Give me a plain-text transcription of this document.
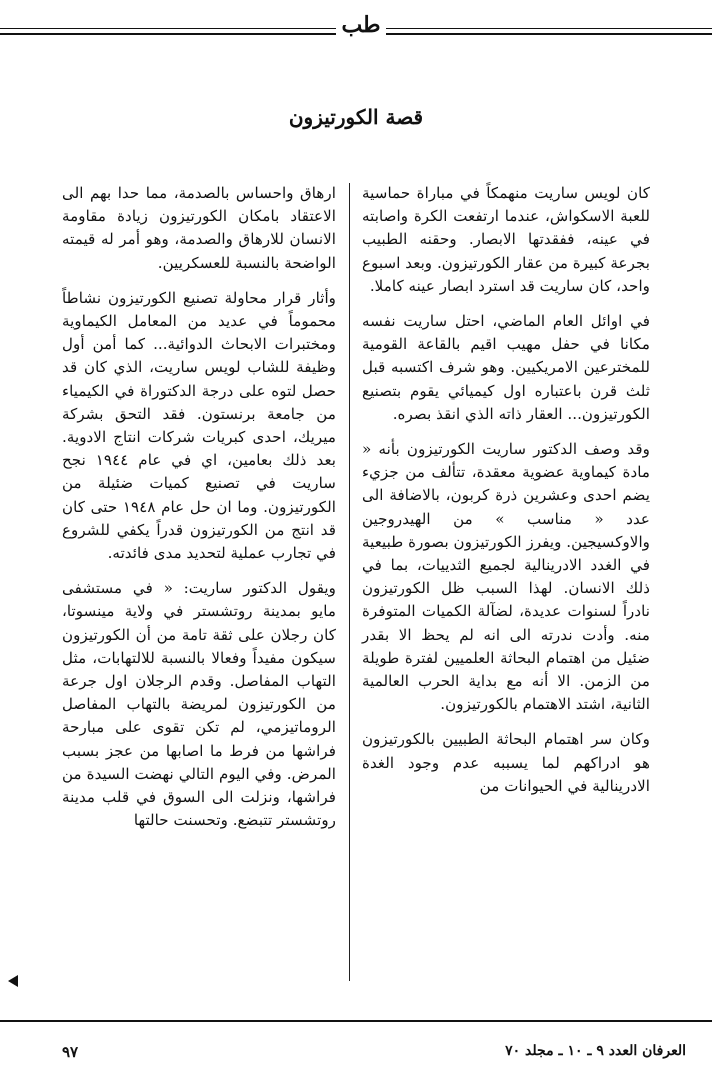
طب
قصة الكورتيزون

كان لويس ساريت منهمكاً في مباراة حماسية للعبة الاسكواش، عندما ارتفعت الكرة واصابته في عينه، ففقدتها الابصار. وحقنه الطبيب بجرعة كبيرة من عقار الكورتيزون. وبعد اسبوع واحد، كان ساريت قد استرد ابصار عينه كاملا.

في اوائل العام الماضي، احتل ساريت نفسه مكانا في حفل مهيب اقيم بالقاعة القومية للمخترعين الامريكيين. وهو شرف اكتسبه قبل ثلث قرن باعتباره اول كيميائي يقوم بتصنيع الكورتيزون... العقار ذاته الذي انقذ بصره.

وقد وصف الدكتور ساريت الكورتيزون بأنه « مادة كيماوية عضوية معقدة، تتألف من جزيء يضم احدى وعشرين ذرة كربون، بالاضافة الى عدد « مناسب » من الهيدروجين والاوكسيجين. ويفرز الكورتيزون بصورة طبيعية في الغدد الادرينالية لجميع الثدييات، بما في ذلك الانسان. لهذا السبب ظل الكورتيزون نادراً لسنوات عديدة، لضآلة الكميات المتوفرة منه. وأدت ندرته الى انه لم يحظ الا بقدر ضئيل من اهتمام البحاثة العلميين لفترة طويلة من الزمن. الا أنه مع بداية الحرب العالمية الثانية، اشتد الاهتمام بالكورتيزون.

وكان سر اهتمام البحاثة الطبيين بالكورتيزون هو ادراكهم لما يسببه عدم وجود الغدة الادرينالية في الحيوانات من

ارهاق واحساس بالصدمة، مما حدا بهم الى الاعتقاد بامكان الكورتيزون زيادة مقاومة الانسان للارهاق والصدمة، وهو أمر له قيمته الواضحة بالنسبة للعسكريين.

وأثار قرار محاولة تصنيع الكورتيزون نشاطاً محموماً في عديد من المعامل الكيماوية ومختبرات الابحاث الدوائية... كما أمن أول وظيفة للشاب لويس ساريت، الذي كان قد حصل لتوه على درجة الدكتوراة في الكيمياء من جامعة برنستون. فقد التحق بشركة ميريك، احدى كبريات شركات انتاج الادوية. بعد ذلك بعامين، اي في عام ١٩٤٤ نجح ساريت في تصنيع كميات ضئيلة من الكورتيزون. وما ان حل عام ١٩٤٨ حتى كان قد انتج من الكورتيزون قدراً يكفي للشروع في تجارب عملية لتحديد مدى فائدته.

ويقول الدكتور ساريت: « في مستشفى مايو بمدينة روتشستر في ولاية مينسوتا، كان رجلان على ثقة تامة من أن الكورتيزون سيكون مفيداً وفعالا بالنسبة للالتهابات، مثل التهاب المفاصل. وقدم الرجلان اول جرعة من الكورتيزون لمريضة بالتهاب المفاصل الروماتيزمي، لم تكن تقوى على مبارحة فراشها من فرط ما اصابها من عجز بسبب المرض. وفي اليوم التالي نهضت السيدة من فراشها، ونزلت الى السوق في قلب مدينة روتشستر تتبضع. وتحسنت حالتها

العرفان العدد ٩ ـ ١٠ ـ مجلد ٧٠
٩٧
